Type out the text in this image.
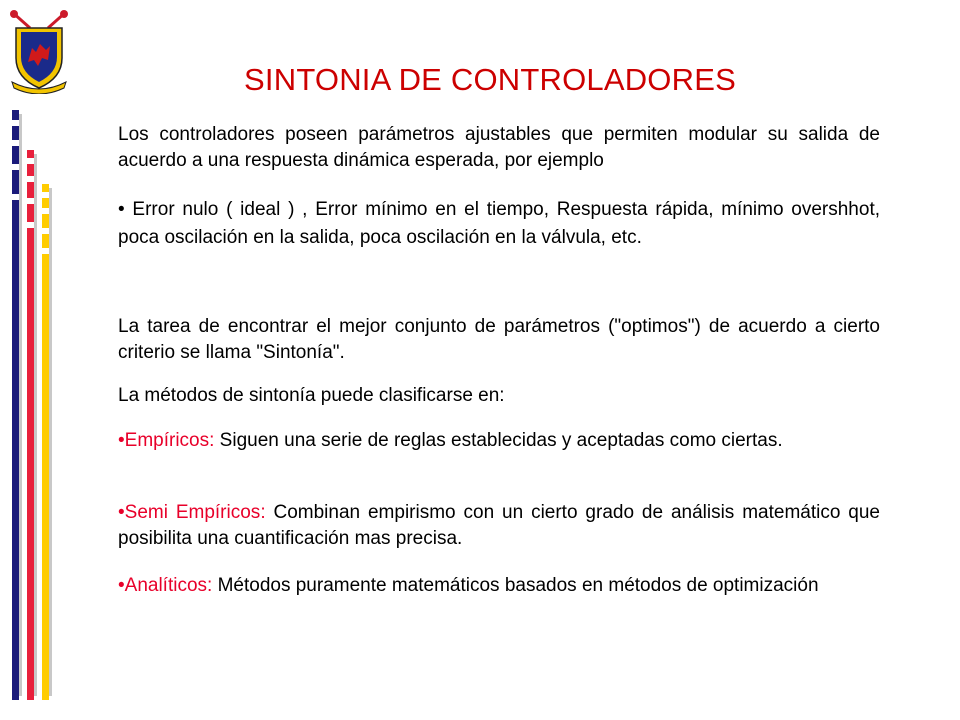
SINTONIA DE CONTROLADORES

Los controladores poseen parámetros ajustables que permiten modular su salida de acuerdo a una respuesta dinámica esperada, por ejemplo

• Error nulo ( ideal ) , Error mínimo en el tiempo, Respuesta rápida, mínimo overshhot, poca oscilación en la salida, poca oscilación en la válvula, etc.

La tarea de encontrar el mejor conjunto de parámetros ("optimos") de acuerdo a cierto criterio se llama "Sintonía".

La métodos de sintonía puede clasificarse en:

•Empíricos: Siguen una serie de reglas establecidas y aceptadas como ciertas.

•Semi Empíricos: Combinan empirismo con un cierto grado de análisis matemático que posibilita una cuantificación mas precisa.

•Analíticos: Métodos puramente matemáticos basados en métodos de optimización
